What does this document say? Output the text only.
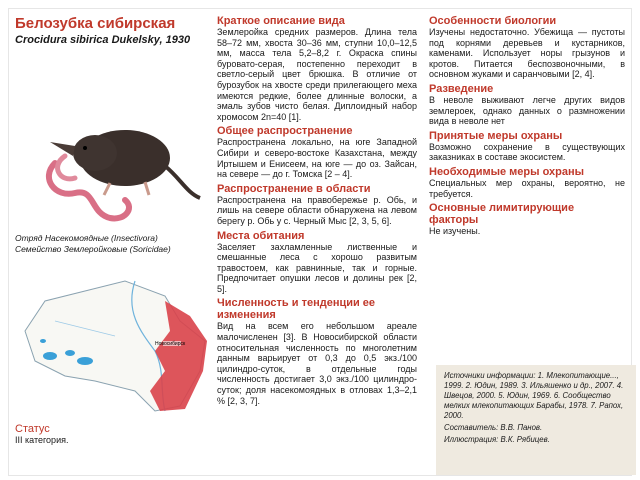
Белозубка сибирская
Crocidura sibirica Dukelsky, 1930
Отряд Насекомоядные (Insectivora)
Семейство Землеройковые (Soricidae)
Новосибирск
Статус
III категория.
Краткое описание вида
Землеройка средних размеров. Длина тела 58–72 мм, хвоста 30–36 мм, ступни 10,0–12,5 мм, масса тела 5,2–8,2 г. Окраска спины буровато-серая, постепенно переходит в светло-серый цвет брюшка. В отличие от бурозубок на хвосте среди прилегающего меха имеются редкие, более длинные волоски, а эмаль зубов чисто белая. Диплоидный набор хромосом 2n=40 [1].
Общее распространение
Распространена локально, на юге Западной Сибири и северо-востоке Казахстана, между Иртышем и Енисеем, на юге — до оз. Зайсан, на севере — до г. Томска [2 – 4].
Распространение в области
Распространена на правобережье р. Обь, и лишь на севере области обнаружена на левом берегу р. Обь у с. Черный Мыс [2, 3, 5, 6].
Места обитания
Заселяет захламленные лиственные и смешанные леса с хорошо развитым травостоем, как равнинные, так и горные. Предпочитает опушки лесов и долины рек [2, 5].
Численность и тенденции ее изменения
Вид на всем его небольшом ареале малочисленен [3]. В Новосибирской области относительная численность по многолетним данным варьирует от 0,3 до 0,5 экз./100 цилиндро-суток, в отдельные годы численность достигает 3,0 экз./100 цилиндро-суток; доля насекомоядных в отловах 1,3–2,1 % [2, 3, 7].
Особенности биологии
Изучены недостаточно. Убежища — пустоты под корнями деревьев и кустарников, каменами. Использует норы грызунов и кротов. Питается беспозвоночными, в основном жуками и саранчовыми [2, 4].
Разведение
В неволе выживают легче других видов землероек, однако данных о размножении вида в неволе нет
Принятые меры охраны
Возможно сохранение в существующих заказниках в составе экосистем.
Необходимые меры охраны
Специальных мер охраны, вероятно, не требуется.
Основные лимитирующие факторы
Не изучены.
Источники информации: 1. Млекопитающие..., 1999. 2. Юдин, 1989. 3. Ильяшенко и др., 2007. 4. Швецов, 2000. 5. Юдин, 1969. 6. Сообщество мелких млекопитающих Барабы, 1978. 7. Рапох, 2000.
Составитель: В.В. Панов.
Иллюстрация: В.К. Рябицев.
